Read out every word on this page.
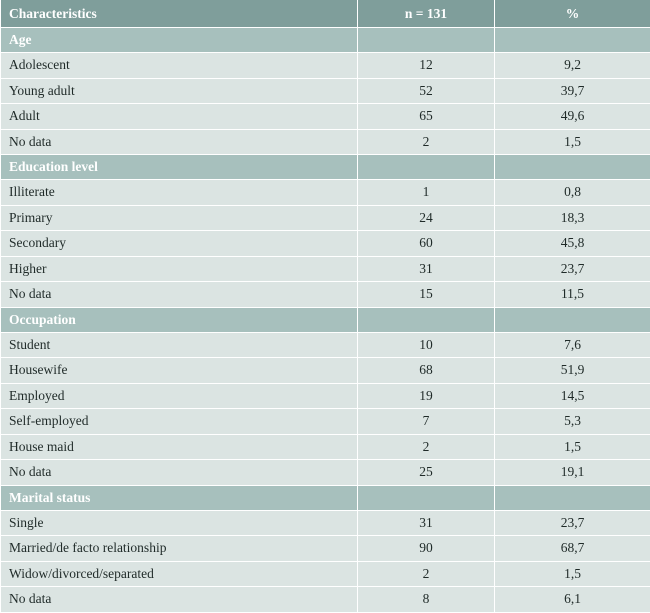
Characteristics	n = 131	%
Age		
Adolescent	12	9,2
Young adult	52	39,7
Adult	65	49,6
No data	2	1,5
Education level		
Illiterate	1	0,8
Primary	24	18,3
Secondary	60	45,8
Higher	31	23,7
No data	15	11,5
Occupation		
Student	10	7,6
Housewife	68	51,9
Employed	19	14,5
Self-employed	7	5,3
House maid	2	1,5
No data	25	19,1
Marital status		
Single	31	23,7
Married/de facto relationship	90	68,7
Widow/divorced/separated	2	1,5
No data	8	6,1
